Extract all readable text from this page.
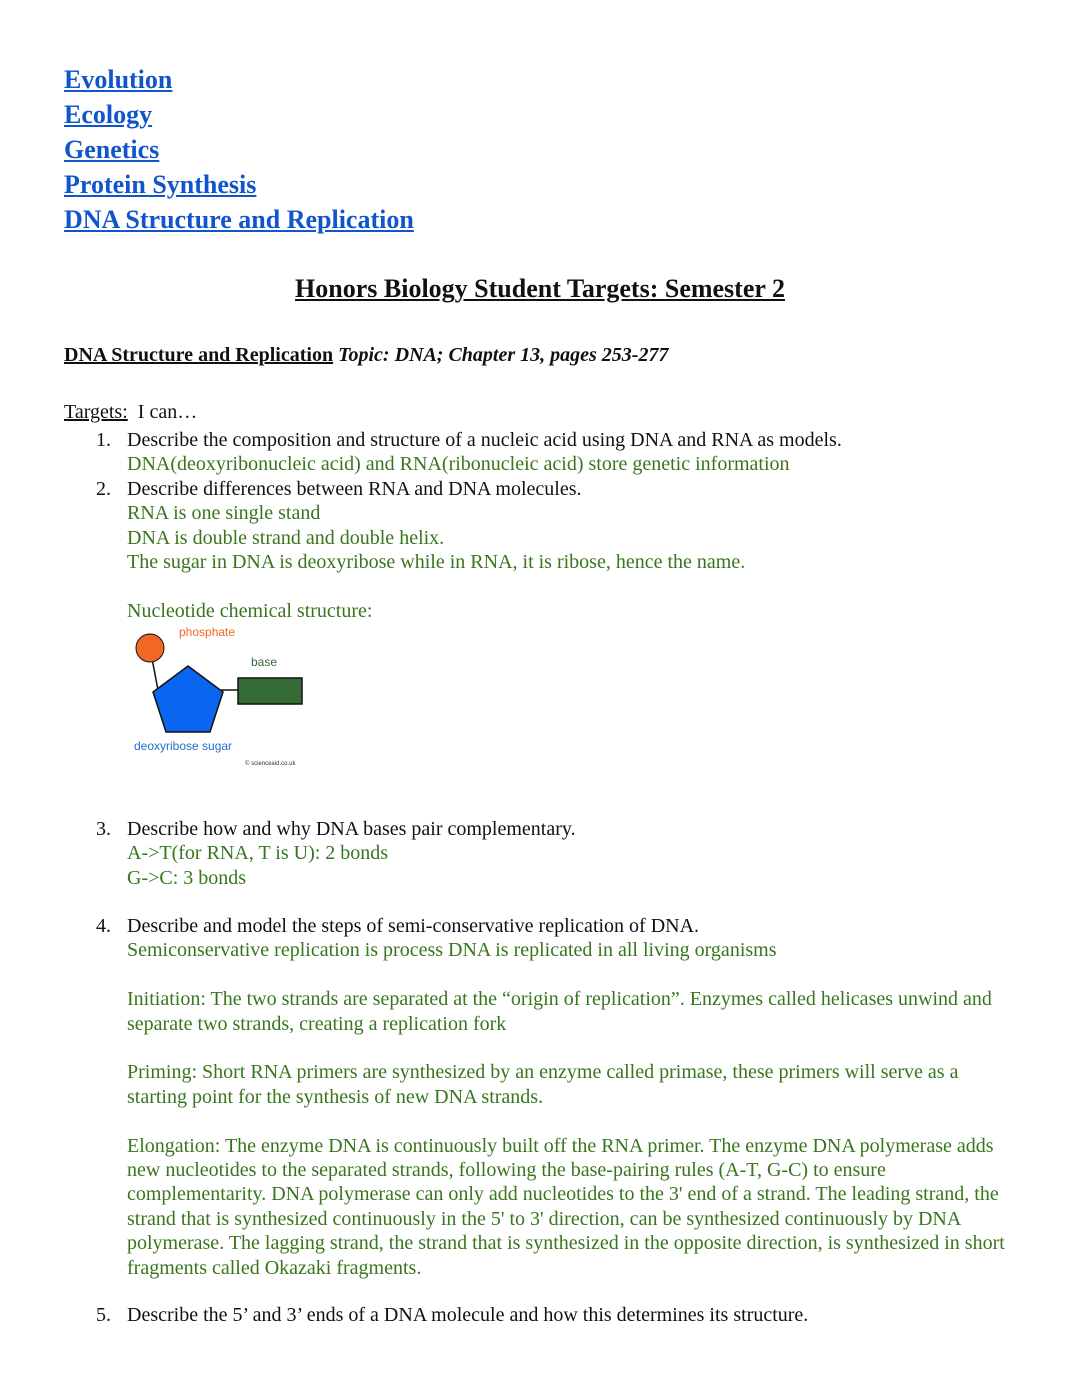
Evolution
Ecology
Genetics
Protein Synthesis
DNA Structure and Replication
Honors Biology Student Targets: Semester 2
DNA Structure and Replication Topic: DNA; Chapter 13, pages 253-277
Targets: I can…
1. Describe the composition and structure of a nucleic acid using DNA and RNA as models.
DNA(deoxyribonucleic acid) and RNA(ribonucleic acid) store genetic information
2. Describe differences between RNA and DNA molecules.
RNA is one single stand
DNA is double strand and double helix.
The sugar in DNA is deoxyribose while in RNA, it is ribose, hence the name.
Nucleotide chemical structure:
phosphate
base
deoxyribose sugar
© scienceaid.co.uk
3. Describe how and why DNA bases pair complementary.
A->T(for RNA, T is U): 2 bonds
G->C: 3 bonds
4. Describe and model the steps of semi-conservative replication of DNA.
Semiconservative replication is process DNA is replicated in all living organisms
Initiation: The two strands are separated at the “origin of replication”. Enzymes called helicases unwind and separate two strands, creating a replication fork
Priming: Short RNA primers are synthesized by an enzyme called primase, these primers will serve as a starting point for the synthesis of new DNA strands.
Elongation: The enzyme DNA is continuously built off the RNA primer. The enzyme DNA polymerase adds new nucleotides to the separated strands, following the base-pairing rules (A-T, G-C) to ensure complementarity. DNA polymerase can only add nucleotides to the 3' end of a strand. The leading strand, the strand that is synthesized continuously in the 5' to 3' direction, can be synthesized continuously by DNA polymerase. The lagging strand, the strand that is synthesized in the opposite direction, is synthesized in short fragments called Okazaki fragments.
5. Describe the 5’ and 3’ ends of a DNA molecule and how this determines its structure.
